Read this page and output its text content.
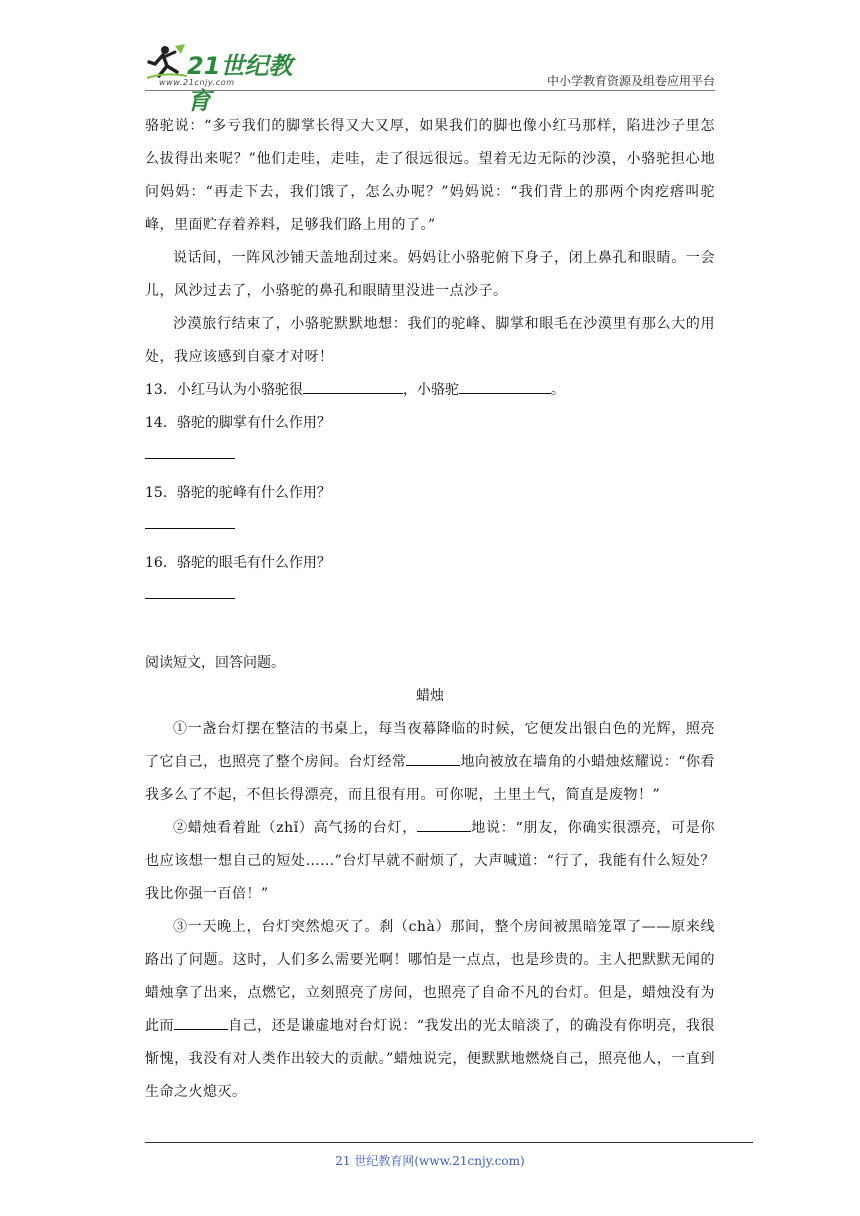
21世纪教育
www.21cnjy.com	中小学教育资源及组卷应用平台

骆驼说：“多亏我们的脚掌长得又大又厚，如果我们的脚也像小红马那样，陷进沙子里怎么拔得出来呢？”他们走哇，走哇，走了很远很远。望着无边无际的沙漠，小骆驼担心地问妈妈：“再走下去，我们饿了，怎么办呢？”妈妈说：“我们背上的那两个肉疙瘩叫驼峰，里面贮存着养料，足够我们路上用的了。”

说话间，一阵风沙铺天盖地刮过来。妈妈让小骆驼俯下身子，闭上鼻孔和眼睛。一会儿，风沙过去了，小骆驼的鼻孔和眼睛里没进一点沙子。

沙漠旅行结束了，小骆驼默默地想：我们的驼峰、脚掌和眼毛在沙漠里有那么大的用处，我应该感到自豪才对呀！

13．小红马认为小骆驼很	，小骆驼	。

14．骆驼的脚掌有什么作用？

15．骆驼的驼峰有什么作用？

16．骆驼的眼毛有什么作用？

阅读短文，回答问题。

蜡烛

①一盏台灯摆在整洁的书桌上，每当夜幕降临的时候，它便发出银白色的光辉，照亮了它自己，也照亮了整个房间。台灯经常	地向被放在墙角的小蜡烛炫耀说：“你看我多么了不起，不但长得漂亮，而且很有用。可你呢，土里土气，简直是废物！”

②蜡烛看着趾（zhǐ）高气扬的台灯，	地说：“朋友，你确实很漂亮，可是你也应该想一想自己的短处……”台灯早就不耐烦了，大声喊道：“行了，我能有什么短处？我比你强一百倍！”

③一天晚上，台灯突然熄灭了。刹（chà）那间，整个房间被黑暗笼罩了——原来线路出了问题。这时，人们多么需要光啊！哪怕是一点点，也是珍贵的。主人把默默无闻的蜡烛拿了出来，点燃它，立刻照亮了房间，也照亮了自命不凡的台灯。但是，蜡烛没有为此而	自己，还是谦虚地对台灯说：“我发出的光太暗淡了，的确没有你明亮，我很惭愧，我没有对人类作出较大的贡献。”蜡烛说完，便默默地燃烧自己，照亮他人，一直到生命之火熄灭。

21 世纪教育网(www.21cnjy.com)
